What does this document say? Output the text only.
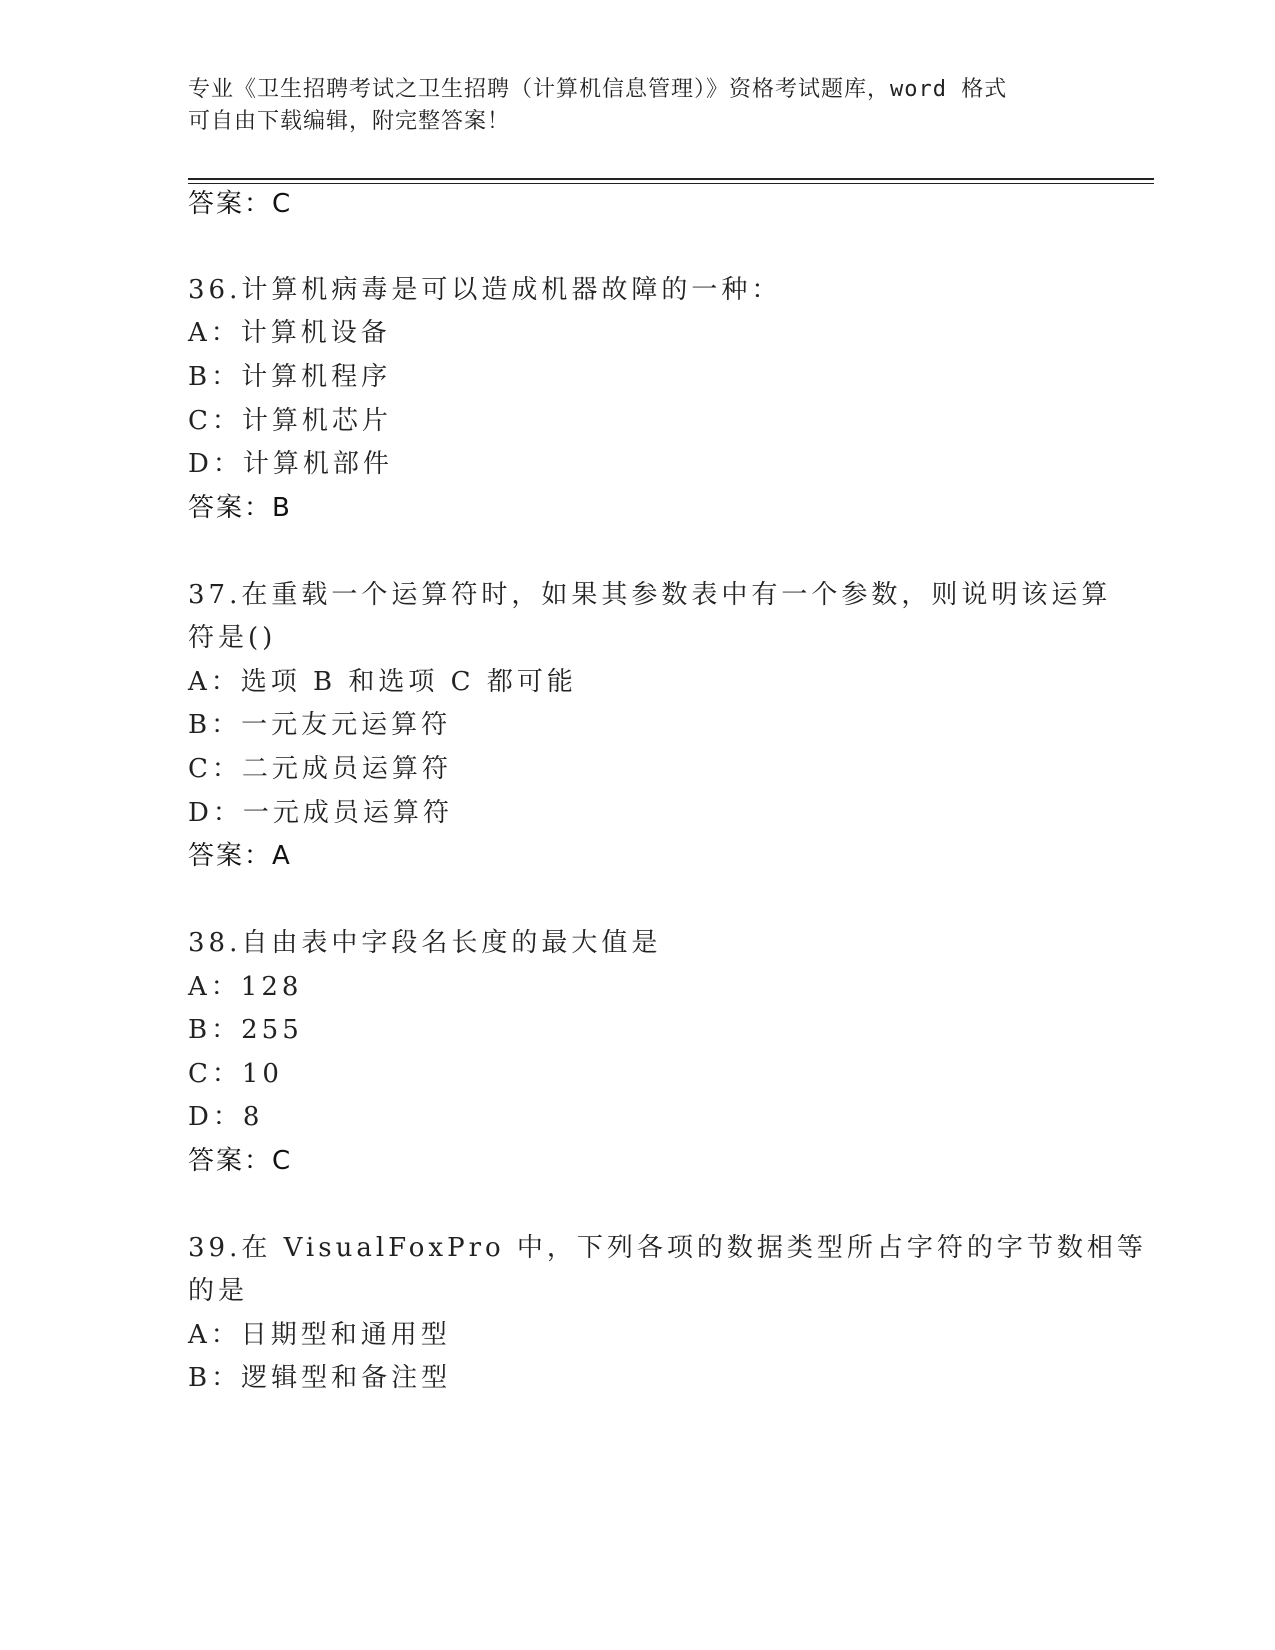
专业《卫生招聘考试之卫生招聘（计算机信息管理）》资格考试题库，word 格式
可自由下载编辑，附完整答案！
答案：C
36.计算机病毒是可以造成机器故障的一种：
A：计算机设备
B：计算机程序
C：计算机芯片
D：计算机部件
答案：B
37.在重载一个运算符时，如果其参数表中有一个参数，则说明该运算
符是()
A：选项 B 和选项 C 都可能
B：一元友元运算符
C：二元成员运算符
D：一元成员运算符
答案：A
38.自由表中字段名长度的最大值是
A：128
B：255
C：10
D：8
答案：C
39.在 VisualFoxPro 中，下列各项的数据类型所占字符的字节数相等
的是
A：日期型和通用型
B：逻辑型和备注型
